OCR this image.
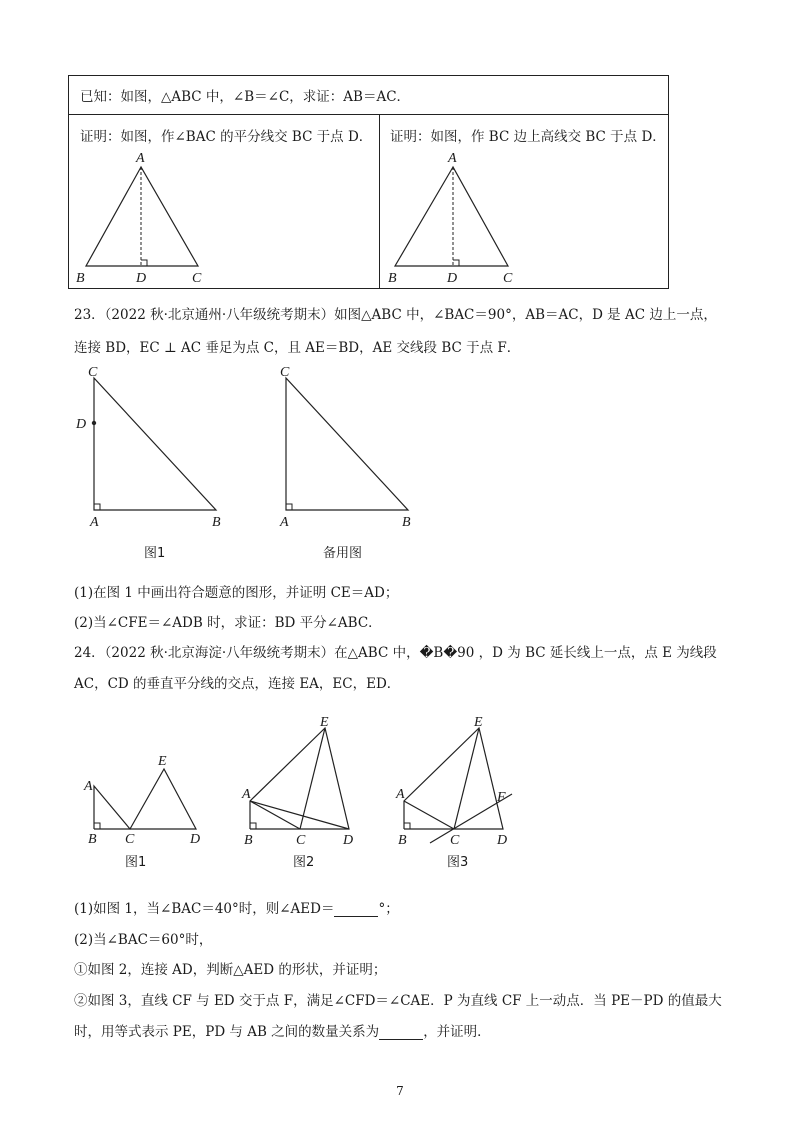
已知：如图，△ABC 中，∠B＝∠C，求证：AB＝AC．
证明：如图，作∠BAC 的平分线交 BC 于点 D． 证明：如图，作 BC 边上高线交 BC 于点 D．
A
B	D	C
A
B	D	C
23．（2022 秋·北京通州·八年级统考期末）如图△ABC 中，∠BAC＝90°，AB＝AC，D 是 AC 边上一点，
连接 BD，EC ⊥ AC 垂足为点 C，且 AE＝BD，AE 交线段 BC 于点 F．
C
D
A	B
图1
C
A	B
备用图
(1)在图 1 中画出符合题意的图形，并证明 CE＝AD；
(2)当∠CFE＝∠ADB 时，求证：BD 平分∠ABC．
24．（2022 秋·北京海淀·八年级统考期末）在△ABC 中，�B�90 ，D 为 BC 延长线上一点，点 E 为线段
AC，CD 的垂直平分线的交点，连接 EA，EC，ED．
A
E
B C	D
图1
A
E
B	C	D
图2
A
E
F
B	C	D
图3
(1)如图 1，当∠BAC＝40°时，则∠AED＝	°；
(2)当∠BAC＝60°时，
①如图 2，连接 AD，判断△AED 的形状，并证明；
②如图 3，直线 CF 与 ED 交于点 F，满足∠CFD＝∠CAE．P 为直线 CF 上一动点．当 PE－PD 的值最大
时，用等式表示 PE，PD 与 AB 之间的数量关系为	，并证明．
7
